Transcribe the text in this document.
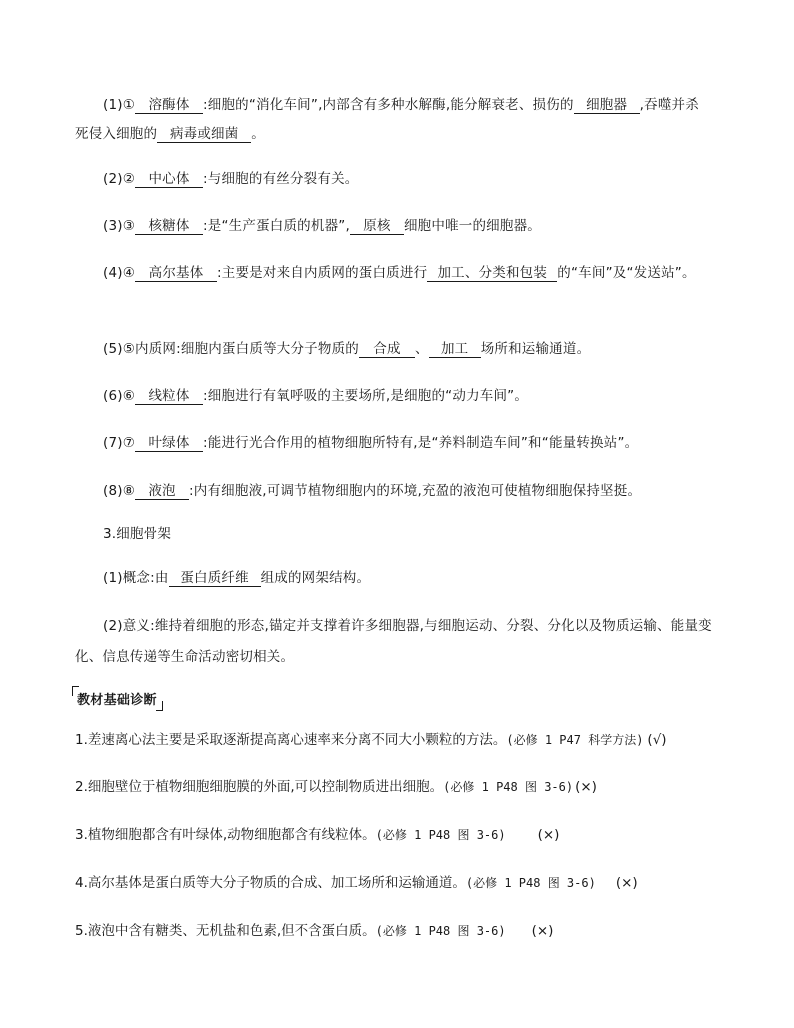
(1)① 溶酶体 :细胞的“消化车间”,内部含有多种水解酶,能分解衰老、损伤的 细胞器 ,吞噬并杀
死侵入细胞的 病毒或细菌 。
(2)② 中心体 :与细胞的有丝分裂有关。
(3)③ 核糖体 :是“生产蛋白质的机器”, 原核 细胞中唯一的细胞器。
(4)④ 高尔基体 :主要是对来自内质网的蛋白质进行 加工、分类和包装 的“车间”及“发送站”。
(5)⑤内质网:细胞内蛋白质等大分子物质的 合成 、 加工 场所和运输通道。
(6)⑥ 线粒体 :细胞进行有氧呼吸的主要场所,是细胞的“动力车间”。
(7)⑦ 叶绿体 :能进行光合作用的植物细胞所特有,是“养料制造车间”和“能量转换站”。
(8)⑧ 液泡 :内有细胞液,可调节植物细胞内的环境,充盈的液泡可使植物细胞保持坚挺。
3.细胞骨架
(1)概念:由 蛋白质纤维 组成的网架结构。
(2)意义:维持着细胞的形态,锚定并支撑着许多细胞器,与细胞运动、分裂、分化以及物质运输、能量变
化、信息传递等生命活动密切相关。
教材基础诊断
1.差速离心法主要是采取逐渐提高离心速率来分离不同大小颗粒的方法。(必修 1 P47 科学方法) (√)
2.细胞壁位于植物细胞细胞膜的外面,可以控制物质进出细胞。(必修 1 P48 图 3-6) (×)
3.植物细胞都含有叶绿体,动物细胞都含有线粒体。(必修 1 P48 图 3-6) (×)
4.高尔基体是蛋白质等大分子物质的合成、加工场所和运输通道。(必修 1 P48 图 3-6) (×)
5.液泡中含有糖类、无机盐和色素,但不含蛋白质。(必修 1 P48 图 3-6) (×)
